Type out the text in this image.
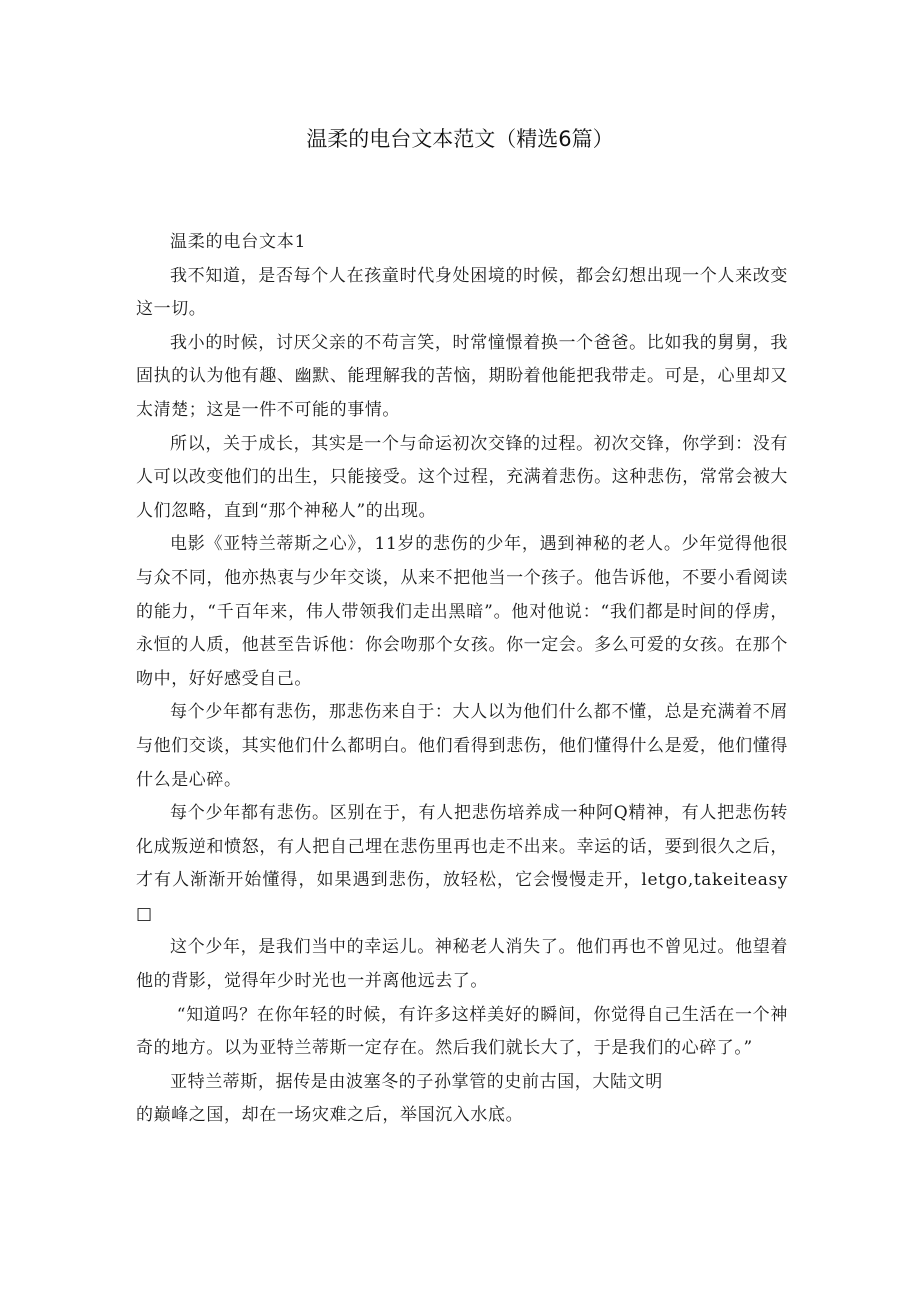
温柔的电台文本范文（精选6篇）

温柔的电台文本1

我不知道，是否每个人在孩童时代身处困境的时候，都会幻想出现一个人来改变这一切。

我小的时候，讨厌父亲的不苟言笑，时常憧憬着换一个爸爸。比如我的舅舅，我固执的认为他有趣、幽默、能理解我的苦恼，期盼着他能把我带走。可是，心里却又太清楚；这是一件不可能的事情。

所以，关于成长，其实是一个与命运初次交锋的过程。初次交锋，你学到：没有人可以改变他们的出生，只能接受。这个过程，充满着悲伤。这种悲伤，常常会被大人们忽略，直到“那个神秘人”的出现。

电影《亚特兰蒂斯之心》，11岁的悲伤的少年，遇到神秘的老人。少年觉得他很与众不同，他亦热衷与少年交谈，从来不把他当一个孩子。他告诉他，不要小看阅读的能力，“千百年来，伟人带领我们走出黑暗”。他对他说：“我们都是时间的俘虏，永恒的人质，他甚至告诉他：你会吻那个女孩。你一定会。多么可爱的女孩。在那个吻中，好好感受自己。

每个少年都有悲伤，那悲伤来自于：大人以为他们什么都不懂，总是充满着不屑与他们交谈，其实他们什么都明白。他们看得到悲伤，他们懂得什么是爱，他们懂得什么是心碎。

每个少年都有悲伤。区别在于，有人把悲伤培养成一种阿Q精神，有人把悲伤转化成叛逆和愤怒，有人把自己埋在悲伤里再也走不出来。幸运的话，要到很久之后，才有人渐渐开始懂得，如果遇到悲伤，放轻松，它会慢慢走开，letgo,takeiteasy□

这个少年，是我们当中的幸运儿。神秘老人消失了。他们再也不曾见过。他望着他的背影，觉得年少时光也一并离他远去了。

“知道吗？在你年轻的时候，有许多这样美好的瞬间，你觉得自己生活在一个神奇的地方。以为亚特兰蒂斯一定存在。然后我们就长大了，于是我们的心碎了。”

亚特兰蒂斯，据传是由波塞冬的子孙掌管的史前古国，大陆文明

的巅峰之国，却在一场灾难之后，举国沉入水底。
